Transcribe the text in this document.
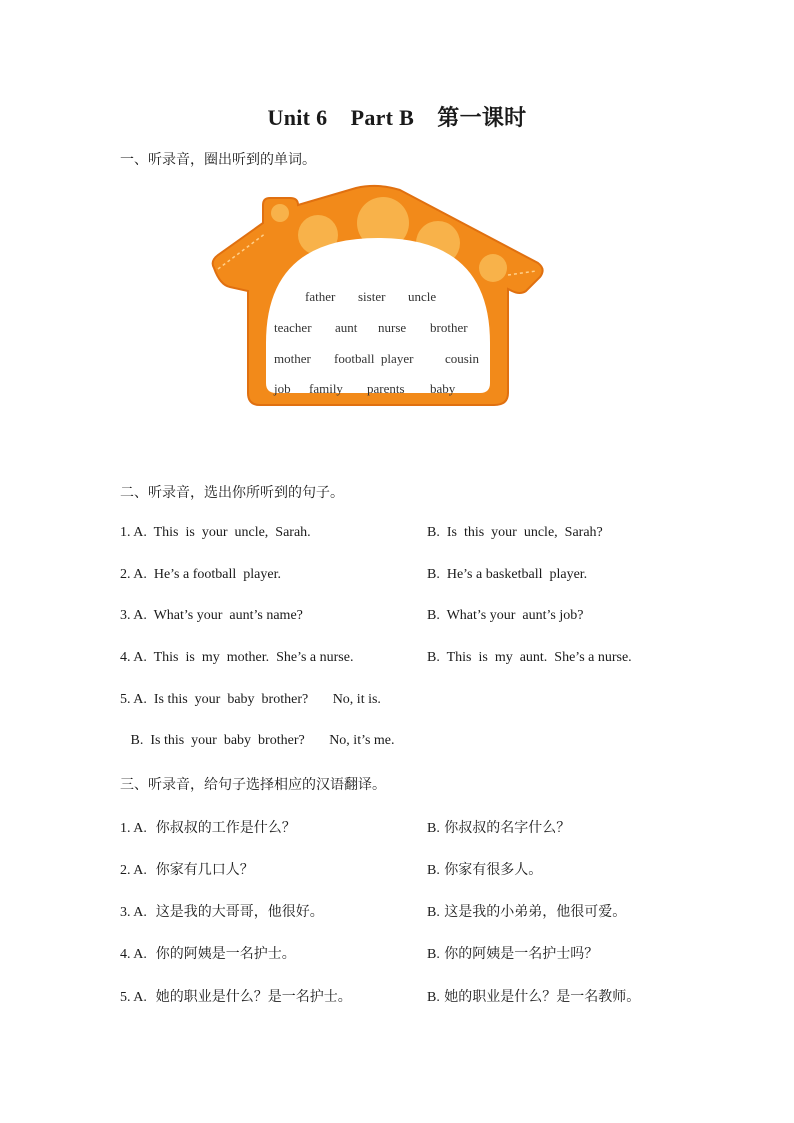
Unit 6    Part B    第一课时
一、听录音，圈出听到的单词。
father sister uncle
teacher aunt nurse brother
mother football  player cousin
job family parents baby
二、听录音，选出你所听到的句子。
1. A.  This  is  your  uncle,  Sarah.	B.  Is  this  your  uncle,  Sarah?
2. A.  He’s a football  player.	B.  He’s a basketball  player.
3. A.  What’s your  aunt’s name?	B.  What’s your  aunt’s job?
4. A.  This  is  my  mother.  She’s a nurse.	B.  This  is  my  aunt.  She’s a nurse.
5. A.  Is this  your  baby  brother?       No, it is.
B.  Is this  your  baby  brother?       No, it’s me.
三、听录音，给句子选择相应的汉语翻译。
1. A. 你叔叔的工作是什么？	B. 你叔叔的名字什么？
2. A. 你家有几口人？	B. 你家有很多人。
3. A. 这是我的大哥哥，他很好。	B. 这是我的小弟弟，他很可爱。
4. A. 你的阿姨是一名护士。	B. 你的阿姨是一名护士吗？
5. A. 她的职业是什么？是一名护士。	B. 她的职业是什么？是一名教师。
